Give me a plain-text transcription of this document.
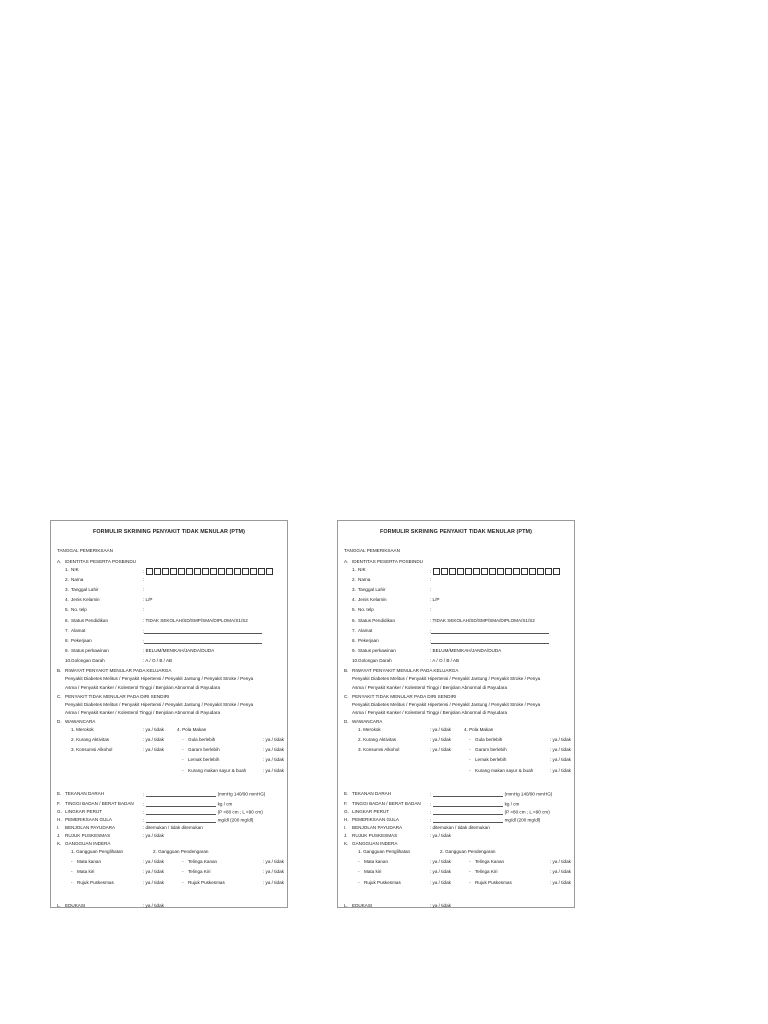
FORMULIR SKRINING PENYAKIT TIDAK MENULAR (PTM)
TANGGAL PEMERIKSAAN
A. IDENTITAS PESERTA POSBINDU
1. NIK	:
2. Nama	:
3. Tanggal Lahir	:
4. Jenis Kelamin	: L/P
5. No. telp	:
6. Status Pendidikan	: TIDAK SEKOLAH/SD/SMP/SMA/DIPLOMA/S1/S2
7. Alamat	:
8. Pekerjaan	:
9. Status perkawinan	: BELUM/MENIKAH/JANDA/DUDA
10. Golongan Darah	: A / O / B / AB
B. RIWAYAT PENYAKIT MENULAR PADA KELUARGA
Penyakit Diabetes Melitus / Penyakit Hipertensi / Penyakit Jantung / Penyakit Stroke / Penya
Asma / Penyakit Kanker / Kolesterol Tinggi / Benjolan Abnormal di Payudara
C. PENYAKIT TIDAK MENULAR PADA DIRI SENDIRI
Penyakit Diabetes Melitus / Penyakit Hipertensi / Penyakit Jantung / Penyakit Stroke / Penya
Asma / Penyakit Kanker / Kolesterol Tinggi / Benjolan Abnormal di Payudara
D. WAWANCARA
1. Merokok	: ya / tidak	4. Pola Makan
2. Kurang Aktivitas	: ya / tidak	- Gula berlebih	: ya / tidak
3. Konsumsi Alkohol	: ya / tidak	- Garam berlebih	: ya / tidak
- Lemak berlebih	: ya / tidak
- Kurang makan sayur & buah	: ya / tidak
E. TEKANAN DARAH	:	(mmHg 140/90 mmHG)
F. TINGGI BADAN / BERAT BADAN :	kg / cm
G. LINGKAR PERUT	:	(P <80 cm ; L <90 cm)
H. PEMERIKSAAN GULA	:	mg/dl (200 mg/dl)
I. BENJOLAN PAYUDARA	: ditemukan / tidak ditemukan
J. RUJUK PUSKESMAS	: ya / tidak
K. GANGGUAN INDERA
1. Gangguan Penglihatan	2. Gangguan Pendengaran
- Mata kanan	: ya / tidak	- Telinga Kanan	: ya / tidak
- Mata kiri	: ya / tidak	- Telinga Kiri	: ya / tidak
- Rujuk Puskesmas	: ya / tidak	- Rujuk Puskesmas	: ya / tidak
L. EDUKASI	: ya / tidak
FORMULIR SKRINING PENYAKIT TIDAK MENULAR (PTM)
TANGGAL PEMERIKSAAN
A. IDENTITAS PESERTA POSBINDU
1. NIK	:
2. Nama	:
3. Tanggal Lahir	:
4. Jenis Kelamin	: L/P
5. No. telp	:
6. Status Pendidikan	: TIDAK SEKOLAH/SD/SMP/SMA/DIPLOMA/S1/S2
7. Alamat	:
8. Pekerjaan	:
9. Status perkawinan	: BELUM/MENIKAH/JANDA/DUDA
10. Golongan Darah	: A / O / B / AB
B. RIWAYAT PENYAKIT MENULAR PADA KELUARGA
Penyakit Diabetes Melitus / Penyakit Hipertensi / Penyakit Jantung / Penyakit Stroke / Penya
Asma / Penyakit Kanker / Kolesterol Tinggi / Benjolan Abnormal di Payudara
C. PENYAKIT TIDAK MENULAR PADA DIRI SENDIRI
Penyakit Diabetes Melitus / Penyakit Hipertensi / Penyakit Jantung / Penyakit Stroke / Penya
Asma / Penyakit Kanker / Kolesterol Tinggi / Benjolan Abnormal di Payudara
D. WAWANCARA
1. Merokok	: ya / tidak	4. Pola Makan
2. Kurang Aktivitas	: ya / tidak	- Gula berlebih	: ya / tidak
3. Konsumsi Alkohol	: ya / tidak	- Garam berlebih	: ya / tidak
- Lemak berlebih	: ya / tidak
- Kurang makan sayur & buah	: ya / tidak
E. TEKANAN DARAH	:	(mmHg 140/90 mmHG)
F. TINGGI BADAN / BERAT BADAN :	kg / cm
G. LINGKAR PERUT	:	(P <80 cm ; L <90 cm)
H. PEMERIKSAAN GULA	:	mg/dl (200 mg/dl)
I. BENJOLAN PAYUDARA	: ditemukan / tidak ditemukan
J. RUJUK PUSKESMAS	: ya / tidak
K. GANGGUAN INDERA
1. Gangguan Penglihatan	2. Gangguan Pendengaran
- Mata kanan	: ya / tidak	- Telinga Kanan	: ya / tidak
- Mata kiri	: ya / tidak	- Telinga Kiri	: ya / tidak
- Rujuk Puskesmas	: ya / tidak	- Rujuk Puskesmas	: ya / tidak
L. EDUKASI	: ya / tidak
